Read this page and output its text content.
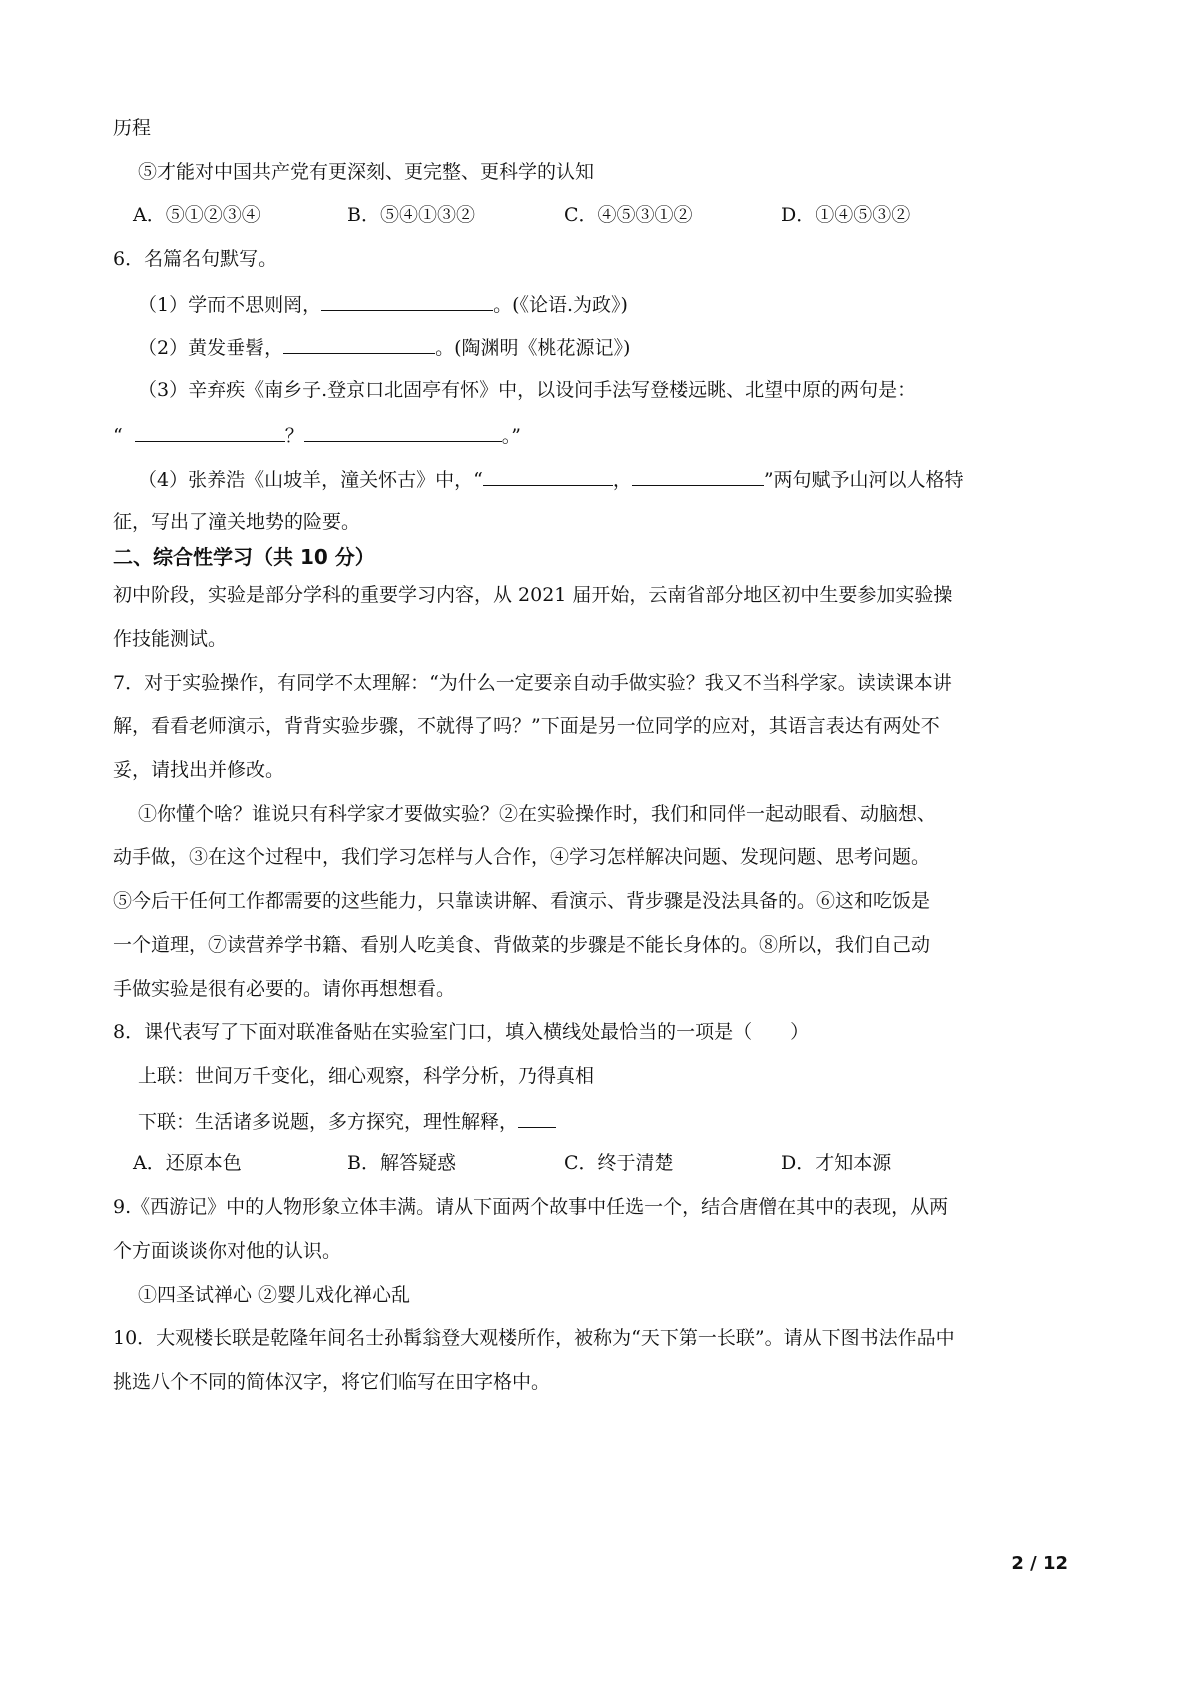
历程
⑤才能对中国共产党有更深刻、更完整、更科学的认知
A．⑤①②③④	B．⑤④①③②	C．④⑤③①②	D．①④⑤③②
6．名篇名句默写。
（1）学而不思则罔，	。(《论语.为政》)
（2）黄发垂髫，	。(陶渊明《桃花源记》)
（3）辛弃疾《南乡子.登京口北固亭有怀》中，以设问手法写登楼远眺、北望中原的两句是：
“	？	。”
（4）张养浩《山坡羊，潼关怀古》中，“	，	”两句赋予山河以人格特
征，写出了潼关地势的险要。
二、综合性学习（共 10 分）
初中阶段，实验是部分学科的重要学习内容，从 2021 届开始，云南省部分地区初中生要参加实验操
作技能测试。
7．对于实验操作，有同学不太理解：“为什么一定要亲自动手做实验？我又不当科学家。读读课本讲
解，看看老师演示，背背实验步骤，不就得了吗？”下面是另一位同学的应对，其语言表达有两处不
妥，请找出并修改。
①你懂个啥？谁说只有科学家才要做实验？②在实验操作时，我们和同伴一起动眼看、动脑想、
动手做，③在这个过程中，我们学习怎样与人合作，④学习怎样解决问题、发现问题、思考问题。
⑤今后干任何工作都需要的这些能力，只靠读讲解、看演示、背步骤是没法具备的。⑥这和吃饭是
一个道理，⑦读营养学书籍、看别人吃美食、背做菜的步骤是不能长身体的。⑧所以，我们自己动
手做实验是很有必要的。请你再想想看。
8．课代表写了下面对联准备贴在实验室门口，填入横线处最恰当的一项是（　　）
上联：世间万千变化，细心观察，科学分析，乃得真相
下联：生活诸多说题，多方探究，理性解释，
A．还原本色	B．解答疑惑	C．终于清楚	D．才知本源
9.《西游记》中的人物形象立体丰满。请从下面两个故事中任选一个，结合唐僧在其中的表现，从两
个方面谈谈你对他的认识。
①四圣试禅心 ②婴儿戏化禅心乱
10．大观楼长联是乾隆年间名士孙髯翁登大观楼所作，被称为“天下第一长联”。请从下图书法作品中
挑选八个不同的简体汉字，将它们临写在田字格中。
2 / 12
